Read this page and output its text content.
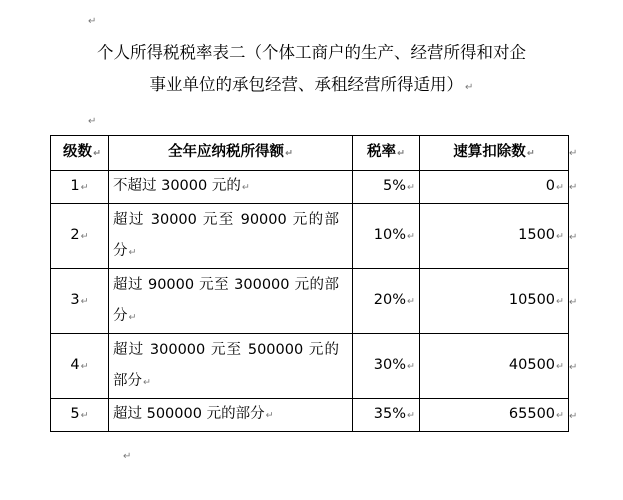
↵
个人所得税税率表二（个体工商户的生产、经营所得和对企
事业单位的承包经营、承租经营所得适用） ↵
↵
级数↵	全年应纳税所得额↵	税率↵	速算扣除数↵
1↵	不超过 30000 元的↵	5%↵	0↵
2↵	超过 30000 元至 90000 元的部分↵	10%↵	1500↵
3↵	超过 90000 元至 300000 元的部分↵	20%↵	10500↵
4↵	超过 300000 元至 500000 元的部分↵	30%↵	40500↵
5↵	超过 500000 元的部分↵	35%↵	65500↵
↵
↵
↵
↵
↵
↵
↵
